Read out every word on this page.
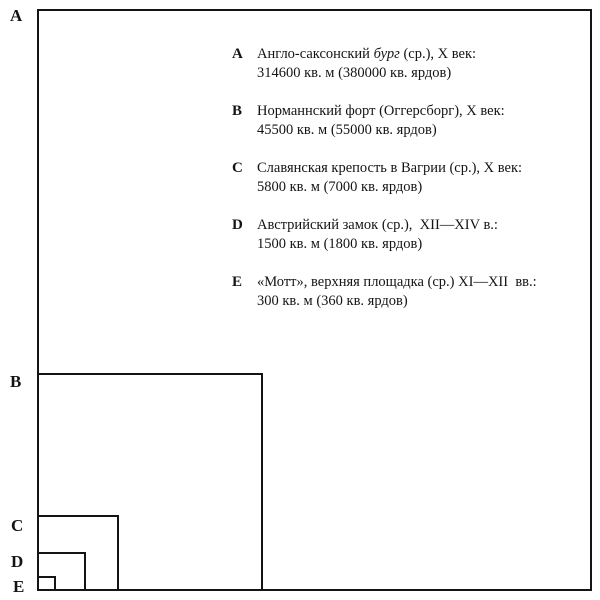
A
B
C
D
E
A Англо-саксонский бург (ср.), X век:
314600 кв. м (380000 кв. ярдов)
B	Норманнский форт (Оггерсборг), X век:
45500 кв. м (55000 кв. ярдов)
C Славянская крепость в Вагрии (ср.), X век:
5800 кв. м (7000 кв. ярдов)
D Австрийский замок (ср.),  XII—XIV в.:
1500 кв. м (1800 кв. ярдов)
E	«Мотт», верхняя площадка (ср.) XI—XII  вв.:
300 кв. м (360 кв. ярдов)
